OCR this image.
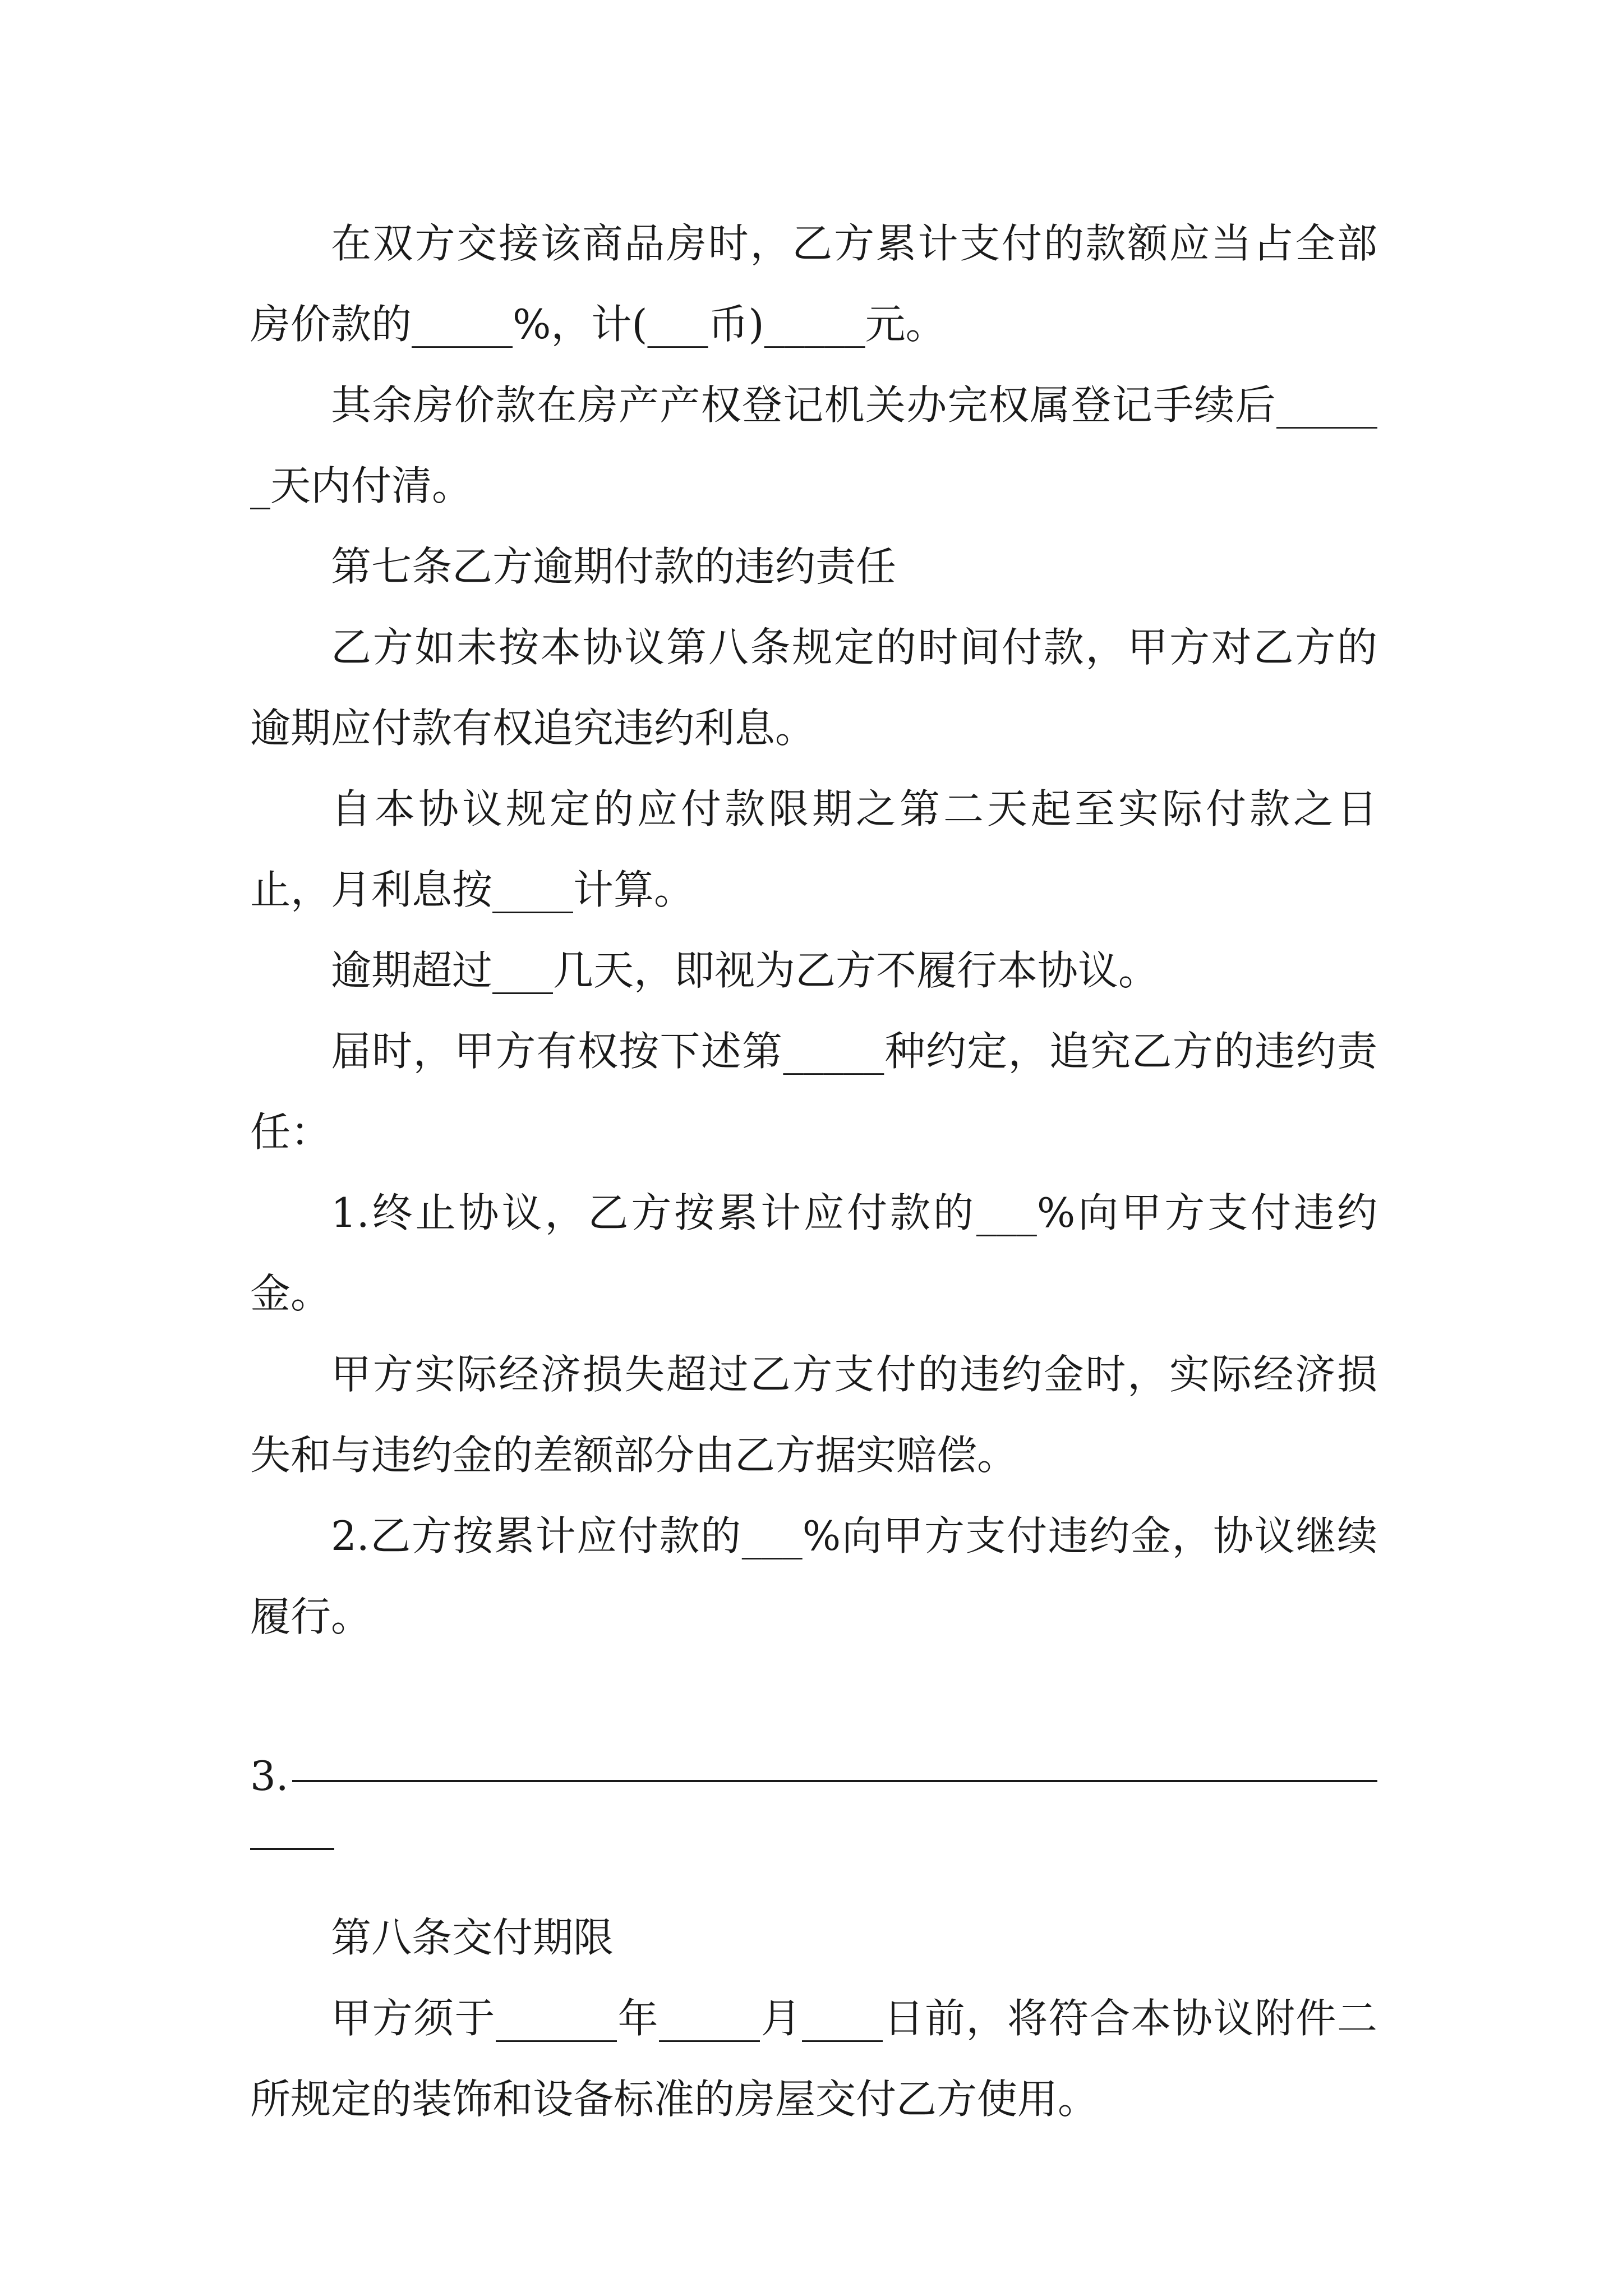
在双方交接该商品房时，乙方累计支付的款额应当占全部房价款的_____%，计(___币)_____元。

其余房价款在房产产权登记机关办完权属登记手续后______天内付清。

第七条乙方逾期付款的违约责任

乙方如未按本协议第八条规定的时间付款，甲方对乙方的逾期应付款有权追究违约利息。

自本协议规定的应付款限期之第二天起至实际付款之日止，月利息按____计算。

逾期超过___几天，即视为乙方不履行本协议。

届时，甲方有权按下述第_____种约定，追究乙方的违约责任：

1.终止协议，乙方按累计应付款的___%向甲方支付违约金。

甲方实际经济损失超过乙方支付的违约金时，实际经济损失和与违约金的差额部分由乙方据实赔偿。

2.乙方按累计应付款的___%向甲方支付违约金，协议继续履行。

3.

第八条交付期限

甲方须于______年_____月____日前，将符合本协议附件二所规定的装饰和设备标准的房屋交付乙方使用。
